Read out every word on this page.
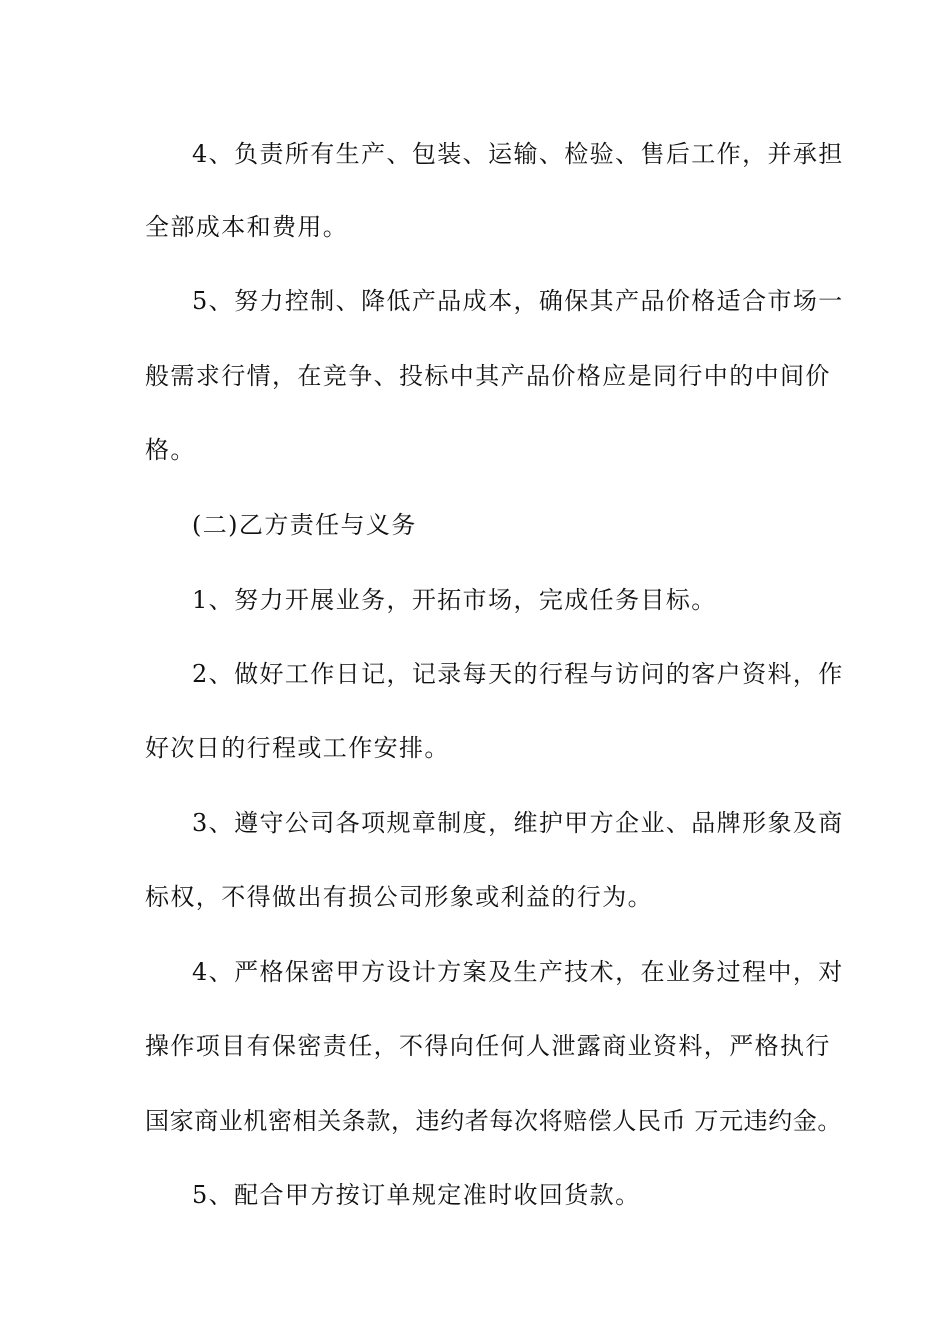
4、负责所有生产、包装、运输、检验、售后工作，并承担

全部成本和费用。

5、努力控制、降低产品成本，确保其产品价格适合市场一

般需求行情，在竞争、投标中其产品价格应是同行中的中间价

格。

(二)乙方责任与义务

1、努力开展业务，开拓市场，完成任务目标。

2、做好工作日记，记录每天的行程与访问的客户资料，作

好次日的行程或工作安排。

3、遵守公司各项规章制度，维护甲方企业、品牌形象及商

标权，不得做出有损公司形象或利益的行为。

4、严格保密甲方设计方案及生产技术，在业务过程中，对

操作项目有保密责任，不得向任何人泄露商业资料，严格执行

国家商业机密相关条款，违约者每次将赔偿人民币 万元违约金。

5、配合甲方按订单规定准时收回货款。
